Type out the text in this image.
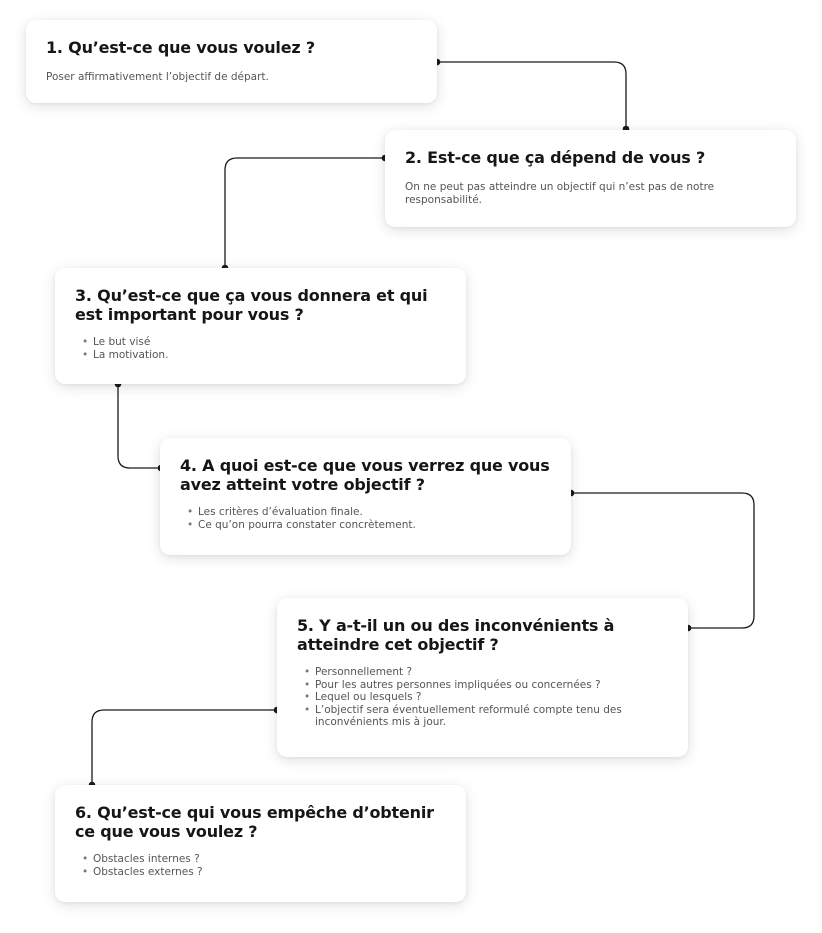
1. Qu’est-ce que vous voulez ?

Poser affirmativement l’objectif de départ.

2. Est-ce que ça dépend de vous ?

On ne peut pas atteindre un objectif qui n’est pas de notre responsabilité.

3. Qu’est-ce que ça vous donnera et qui est important pour vous ?
• Le but visé
• La motivation.
4. A quoi est-ce que vous verrez que vous avez atteint votre objectif ?
• Les critères d’évaluation finale.
• Ce qu’on pourra constater concrètement.
5. Y a-t-il un ou des inconvénients à atteindre cet objectif ?
• Personnellement ?
• Pour les autres personnes impliquées ou concernées ?
• Lequel ou lesquels ?
• L’objectif sera éventuellement reformulé compte tenu des inconvénients mis à jour.
6. Qu’est-ce qui vous empêche d’obtenir ce que vous voulez ?
• Obstacles internes ?
• Obstacles externes ?
